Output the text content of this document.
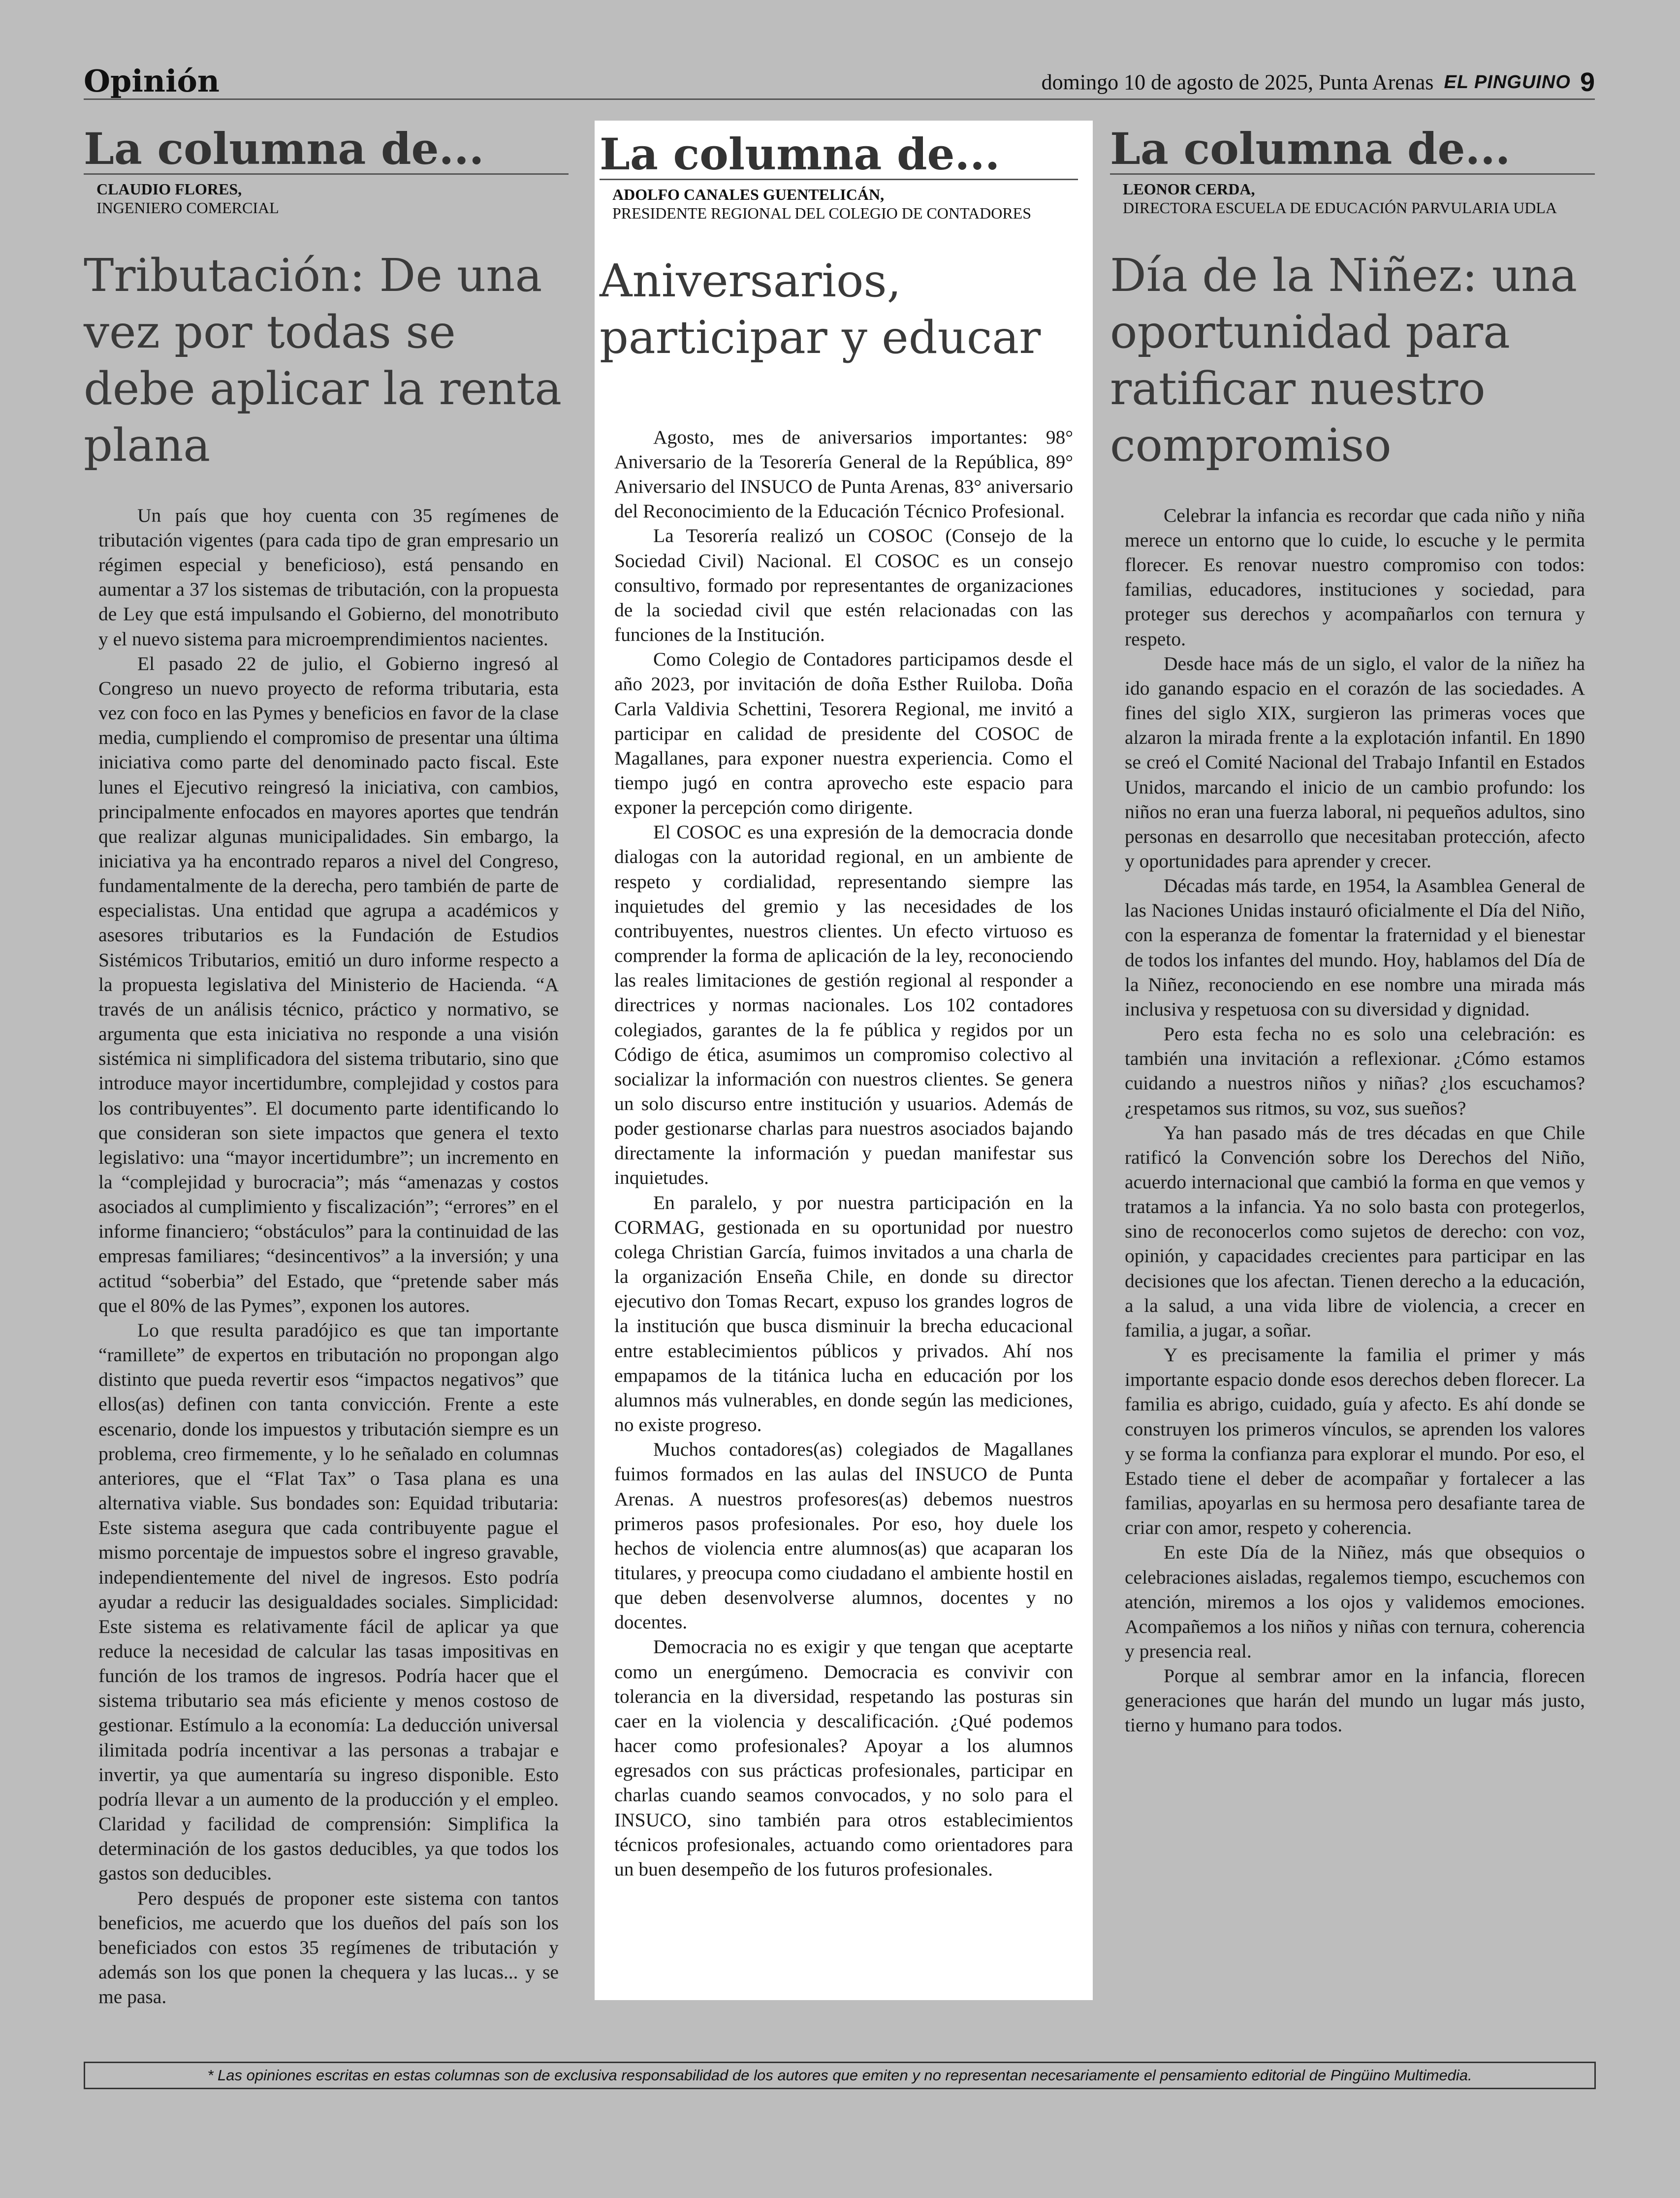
Opinión	domingo 10 de agosto de 2025, Punta Arenas EL PINGUINO 9
La columna de...
CLAUDIO FLORES,
INGENIERO COMERCIAL
Tributación: De una vez por todas se debe aplicar la renta plana

Un país que hoy cuenta con 35 regímenes de tributación vigentes (para cada tipo de gran empresario un régimen especial y beneficioso), está pensando en aumentar a 37 los sistemas de tributación, con la propuesta de Ley que está impulsando el Gobierno, del monotributo y el nuevo sistema para microemprendimientos nacientes.

El pasado 22 de julio, el Gobierno ingresó al Congreso un nuevo proyecto de reforma tributaria, esta vez con foco en las Pymes y beneficios en favor de la clase media, cumpliendo el compromiso de presentar una última iniciativa como parte del denominado pacto fiscal. Este lunes el Ejecutivo reingresó la iniciativa, con cambios, principalmente enfocados en mayores aportes que tendrán que realizar algunas municipalidades. Sin embargo, la iniciativa ya ha encontrado reparos a nivel del Congreso, fundamentalmente de la derecha, pero también de parte de especialistas. Una entidad que agrupa a académicos y asesores tributarios es la Fundación de Estudios Sistémicos Tributarios, emitió un duro informe respecto a la propuesta legislativa del Ministerio de Hacienda. “A través de un análisis técnico, práctico y normativo, se argumenta que esta iniciativa no responde a una visión sistémica ni simplificadora del sistema tributario, sino que introduce mayor incertidumbre, complejidad y costos para los contribuyentes”. El documento parte identificando lo que consideran son siete impactos que genera el texto legislativo: una “mayor incertidumbre”; un incremento en la “complejidad y burocracia”; más “amenazas y costos asociados al cumplimiento y fiscalización”; “errores” en el informe financiero; “obstáculos” para la continuidad de las empresas familiares; “desincentivos” a la inversión; y una actitud “soberbia” del Estado, que “pretende saber más que el 80% de las Pymes”, exponen los autores.

Lo que resulta paradójico es que tan importante “ramillete” de expertos en tributación no propongan algo distinto que pueda revertir esos “impactos negativos” que ellos(as) definen con tanta convicción. Frente a este escenario, donde los impuestos y tributación siempre es un problema, creo firmemente, y lo he señalado en columnas anteriores, que el “Flat Tax” o Tasa plana es una alternativa viable. Sus bondades son: Equidad tributaria: Este sistema asegura que cada contribuyente pague el mismo porcentaje de impuestos sobre el ingreso gravable, independientemente del nivel de ingresos. Esto podría ayudar a reducir las desigualdades sociales. Simplicidad: Este sistema es relativamente fácil de aplicar ya que reduce la necesidad de calcular las tasas impositivas en función de los tramos de ingresos. Podría hacer que el sistema tributario sea más eficiente y menos costoso de gestionar. Estímulo a la economía: La deducción universal ilimitada podría incentivar a las personas a trabajar e invertir, ya que aumentaría su ingreso disponible. Esto podría llevar a un aumento de la producción y el empleo. Claridad y facilidad de comprensión: Simplifica la determinación de los gastos deducibles, ya que todos los gastos son deducibles.

Pero después de proponer este sistema con tantos beneficios, me acuerdo que los dueños del país son los beneficiados con estos 35 regímenes de tributación y además son los que ponen la chequera y las lucas... y se me pasa.

La columna de...
ADOLFO CANALES GUENTELICÁN,
PRESIDENTE REGIONAL DEL COLEGIO DE CONTADORES
Aniversarios, participar y educar

Agosto, mes de aniversarios importantes: 98° Aniversario de la Tesorería General de la República, 89° Aniversario del INSUCO de Punta Arenas, 83° aniversario del Reconocimiento de la Educación Técnico Profesional.

La Tesorería realizó un COSOC (Consejo de la Sociedad Civil) Nacional. El COSOC es un consejo consultivo, formado por representantes de organizaciones de la sociedad civil que estén relacionadas con las funciones de la Institución.

Como Colegio de Contadores participamos desde el año 2023, por invitación de doña Esther Ruiloba. Doña Carla Valdivia Schettini, Tesorera Regional, me invitó a participar en calidad de presidente del COSOC de Magallanes, para exponer nuestra experiencia. Como el tiempo jugó en contra aprovecho este espacio para exponer la percepción como dirigente.

El COSOC es una expresión de la democracia donde dialogas con la autoridad regional, en un ambiente de respeto y cordialidad, representando siempre las inquietudes del gremio y las necesidades de los contribuyentes, nuestros clientes. Un efecto virtuoso es comprender la forma de aplicación de la ley, reconociendo las reales limitaciones de gestión regional al responder a directrices y normas nacionales. Los 102 contadores colegiados, garantes de la fe pública y regidos por un Código de ética, asumimos un compromiso colectivo al socializar la información con nuestros clientes. Se genera un solo discurso entre institución y usuarios. Además de poder gestionarse charlas para nuestros asociados bajando directamente la información y puedan manifestar sus inquietudes.

En paralelo, y por nuestra participación en la CORMAG, gestionada en su oportunidad por nuestro colega Christian García, fuimos invitados a una charla de la organización Enseña Chile, en donde su director ejecutivo don Tomas Recart, expuso los grandes logros de la institución que busca disminuir la brecha educacional entre establecimientos públicos y privados. Ahí nos empapamos de la titánica lucha en educación por los alumnos más vulnerables, en donde según las mediciones, no existe progreso.

Muchos contadores(as) colegiados de Magallanes fuimos formados en las aulas del INSUCO de Punta Arenas. A nuestros profesores(as) debemos nuestros primeros pasos profesionales. Por eso, hoy duele los hechos de violencia entre alumnos(as) que acaparan los titulares, y preocupa como ciudadano el ambiente hostil en que deben desenvolverse alumnos, docentes y no docentes.

Democracia no es exigir y que tengan que aceptarte como un energúmeno. Democracia es convivir con tolerancia en la diversidad, respetando las posturas sin caer en la violencia y descalificación. ¿Qué podemos hacer como profesionales? Apoyar a los alumnos egresados con sus prácticas profesionales, participar en charlas cuando seamos convocados, y no solo para el INSUCO, sino también para otros establecimientos técnicos profesionales, actuando como orientadores para un buen desempeño de los futuros profesionales.

La columna de...
LEONOR CERDA,
DIRECTORA ESCUELA DE EDUCACIÓN PARVULARIA UDLA
Día de la Niñez: una oportunidad para ratificar nuestro compromiso

Celebrar la infancia es recordar que cada niño y niña merece un entorno que lo cuide, lo escuche y le permita florecer. Es renovar nuestro compromiso con todos: familias, educadores, instituciones y sociedad, para proteger sus derechos y acompañarlos con ternura y respeto.

Desde hace más de un siglo, el valor de la niñez ha ido ganando espacio en el corazón de las sociedades. A fines del siglo XIX, surgieron las primeras voces que alzaron la mirada frente a la explotación infantil. En 1890 se creó el Comité Nacional del Trabajo Infantil en Estados Unidos, marcando el inicio de un cambio profundo: los niños no eran una fuerza laboral, ni pequeños adultos, sino personas en desarrollo que necesitaban protección, afecto y oportunidades para aprender y crecer.

Décadas más tarde, en 1954, la Asamblea General de las Naciones Unidas instauró oficialmente el Día del Niño, con la esperanza de fomentar la fraternidad y el bienestar de todos los infantes del mundo. Hoy, hablamos del Día de la Niñez, reconociendo en ese nombre una mirada más inclusiva y respetuosa con su diversidad y dignidad.

Pero esta fecha no es solo una celebración: es también una invitación a reflexionar. ¿Cómo estamos cuidando a nuestros niños y niñas? ¿los escuchamos? ¿respetamos sus ritmos, su voz, sus sueños?

Ya han pasado más de tres décadas en que Chile ratificó la Convención sobre los Derechos del Niño, acuerdo internacional que cambió la forma en que vemos y tratamos a la infancia. Ya no solo basta con protegerlos, sino de reconocerlos como sujetos de derecho: con voz, opinión, y capacidades crecientes para participar en las decisiones que los afectan. Tienen derecho a la educación, a la salud, a una vida libre de violencia, a crecer en familia, a jugar, a soñar.

Y es precisamente la familia el primer y más importante espacio donde esos derechos deben florecer. La familia es abrigo, cuidado, guía y afecto. Es ahí donde se construyen los primeros vínculos, se aprenden los valores y se forma la confianza para explorar el mundo. Por eso, el Estado tiene el deber de acompañar y fortalecer a las familias, apoyarlas en su hermosa pero desafiante tarea de criar con amor, respeto y coherencia.

En este Día de la Niñez, más que obsequios o celebraciones aisladas, regalemos tiempo, escuchemos con atención, miremos a los ojos y validemos emociones. Acompañemos a los niños y niñas con ternura, coherencia y presencia real.

Porque al sembrar amor en la infancia, florecen generaciones que harán del mundo un lugar más justo, tierno y humano para todos.

* Las opiniones escritas en estas columnas son de exclusiva responsabilidad de los autores que emiten y no representan necesariamente el pensamiento editorial de Pingüino Multimedia.
